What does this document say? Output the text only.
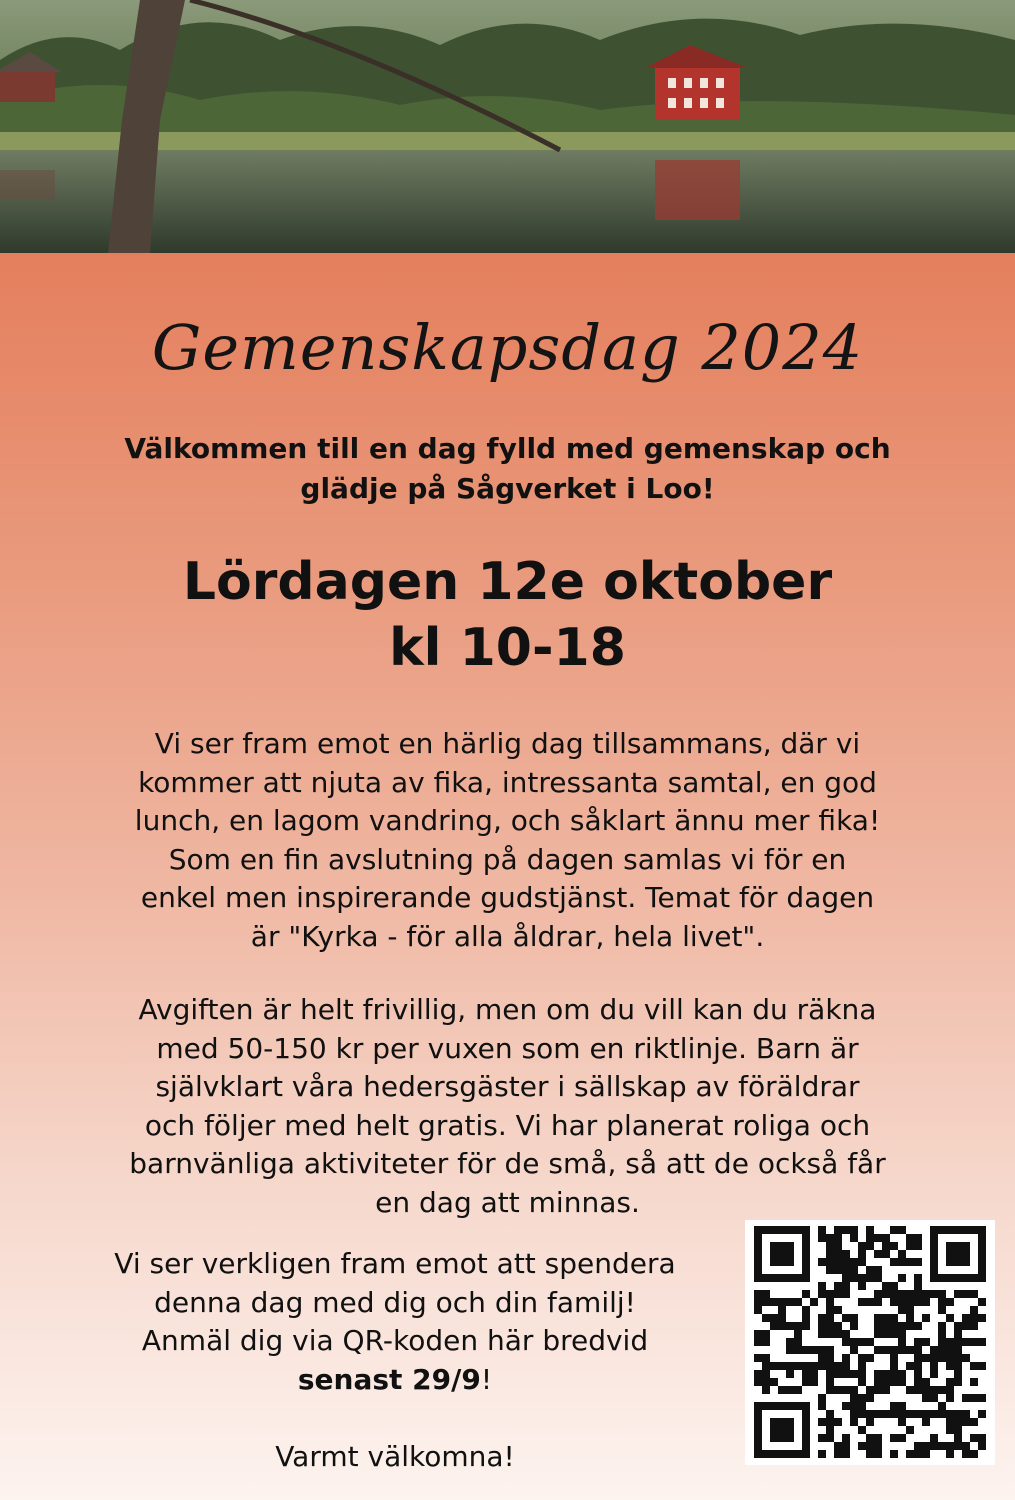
Gemenskapsdag 2024
Välkommen till en dag fylld med gemenskap och
glädje på Sågverket i Loo!
Lördagen 12e oktober
kl 10-18
Vi ser fram emot en härlig dag tillsammans, där vi
kommer att njuta av fika, intressanta samtal, en god
lunch, en lagom vandring, och såklart ännu mer fika!
Som en fin avslutning på dagen samlas vi för en
enkel men inspirerande gudstjänst. Temat för dagen
är "Kyrka - för alla åldrar, hela livet".
Avgiften är helt frivillig, men om du vill kan du räkna
med 50-150 kr per vuxen som en riktlinje. Barn är
självklart våra hedersgäster i sällskap av föräldrar
och följer med helt gratis. Vi har planerat roliga och
barnvänliga aktiviteter för de små, så att de också får
en dag att minnas.
Vi ser verkligen fram emot att spendera
denna dag med dig och din familj!
Anmäl dig via QR-koden här bredvid
senast 29/9!
Varmt välkomna!
